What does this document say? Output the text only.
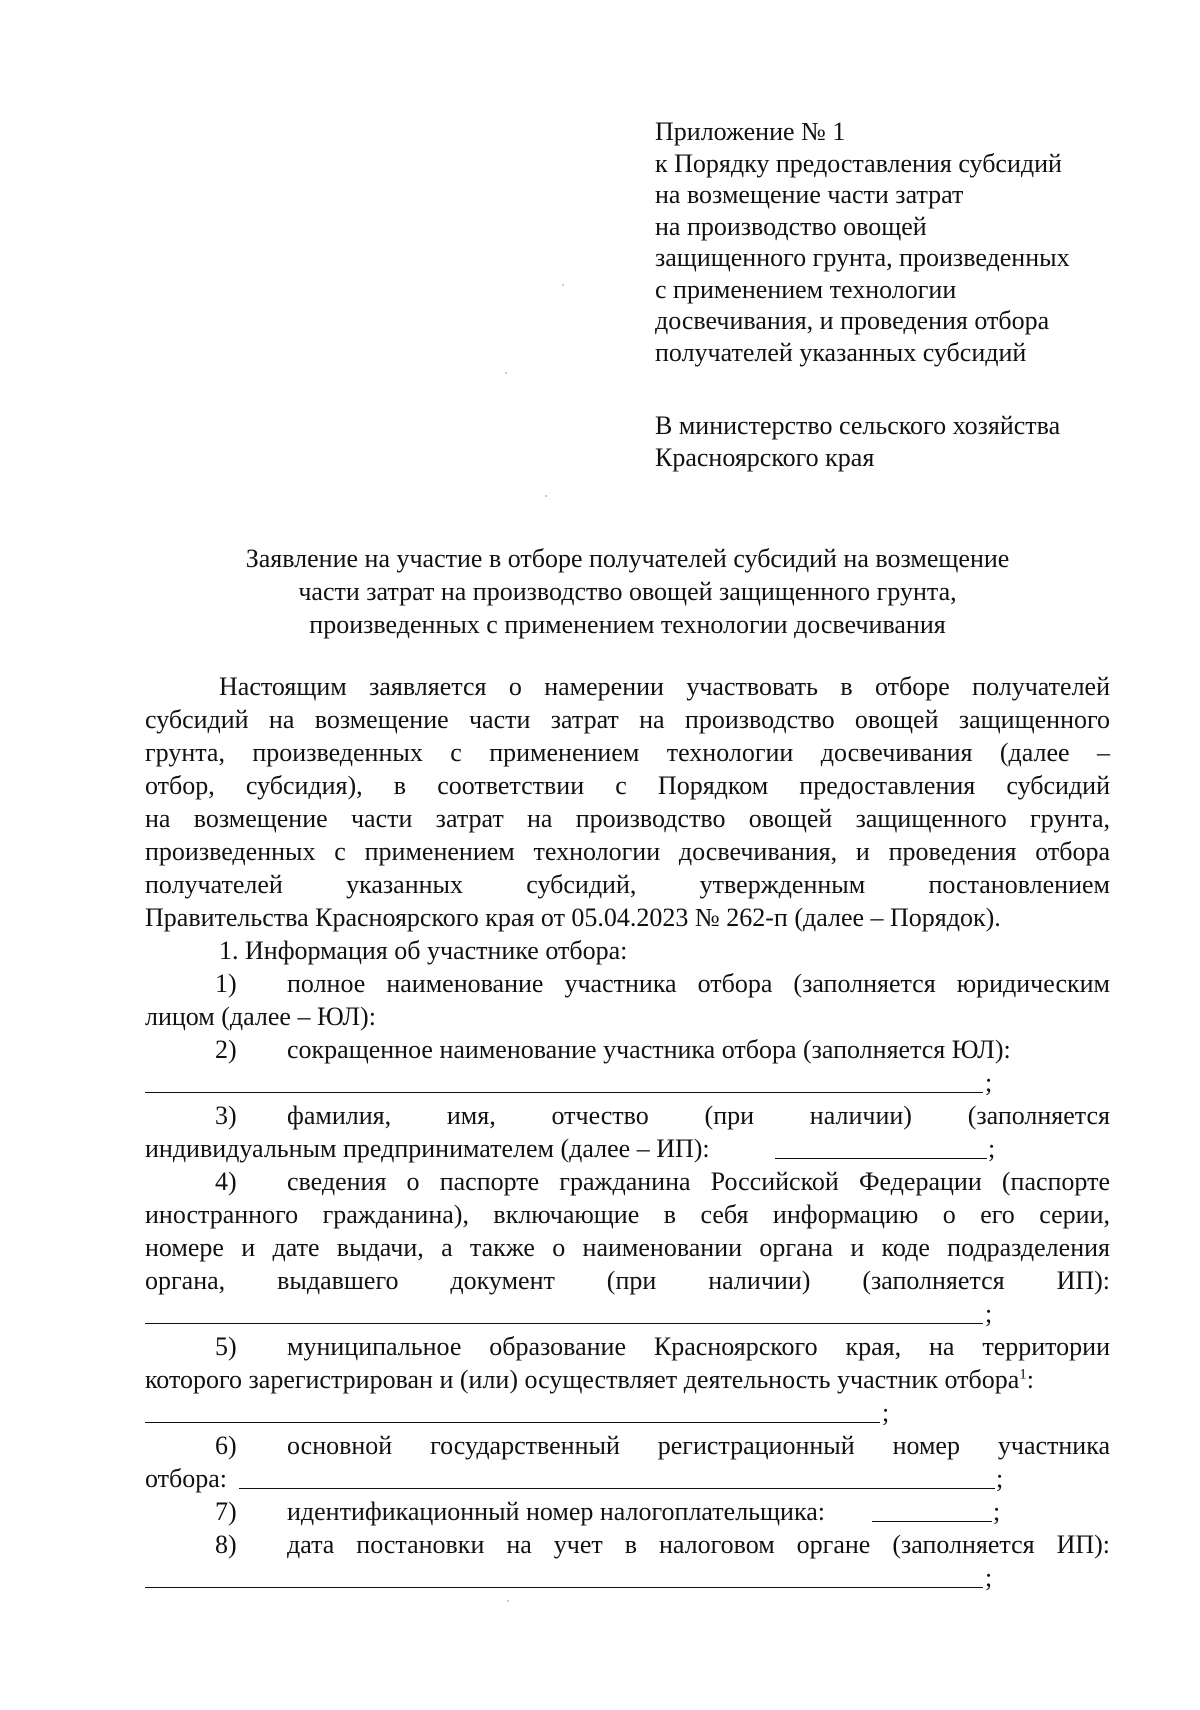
Приложение № 1
к Порядку предоставления субсидий
на возмещение части затрат
на производство овощей
защищенного грунта, произведенных
с применением технологии
досвечивания, и проведения отбора
получателей указанных субсидий
В министерство сельского хозяйства
Красноярского края
Заявление на участие в отборе получателей субсидий на возмещение
части затрат на производство овощей защищенного грунта,
произведенных с применением технологии досвечивания
Настоящим заявляется о намерении участвовать в отборе получателей
субсидий на возмещение части затрат на производство овощей защищенного
грунта, произведенных с применением технологии досвечивания (далее –
отбор, субсидия), в соответствии с Порядком предоставления субсидий
на возмещение части затрат на производство овощей защищенного грунта,
произведенных с применением технологии досвечивания, и проведения отбора
получателей указанных субсидий, утвержденным постановлением
Правительства Красноярского края от 05.04.2023 № 262-п (далее – Порядок).
1. Информация об участнике отбора:
1) полное наименование участника отбора (заполняется юридическим
лицом (далее – ЮЛ):
2) сокращенное наименование участника отбора (заполняется ЮЛ):
;
3) фамилия, имя, отчество (при наличии) (заполняется
индивидуальным предпринимателем (далее – ИП):	;
4) сведения о паспорте гражданина Российской Федерации (паспорте
иностранного гражданина), включающие в себя информацию о его серии,
номере и дате выдачи, а также о наименовании органа и коде подразделения
органа, выдавшего документ (при наличии) (заполняется ИП):
;
5) муниципальное образование Красноярского края, на территории
которого зарегистрирован и (или) осуществляет деятельность участник отбора$^1$:
;
6) основной государственный регистрационный номер участника
отбора:	;
7) идентификационный номер налогоплательщика:	;
8) дата постановки на учет в налоговом органе (заполняется ИП):
;
